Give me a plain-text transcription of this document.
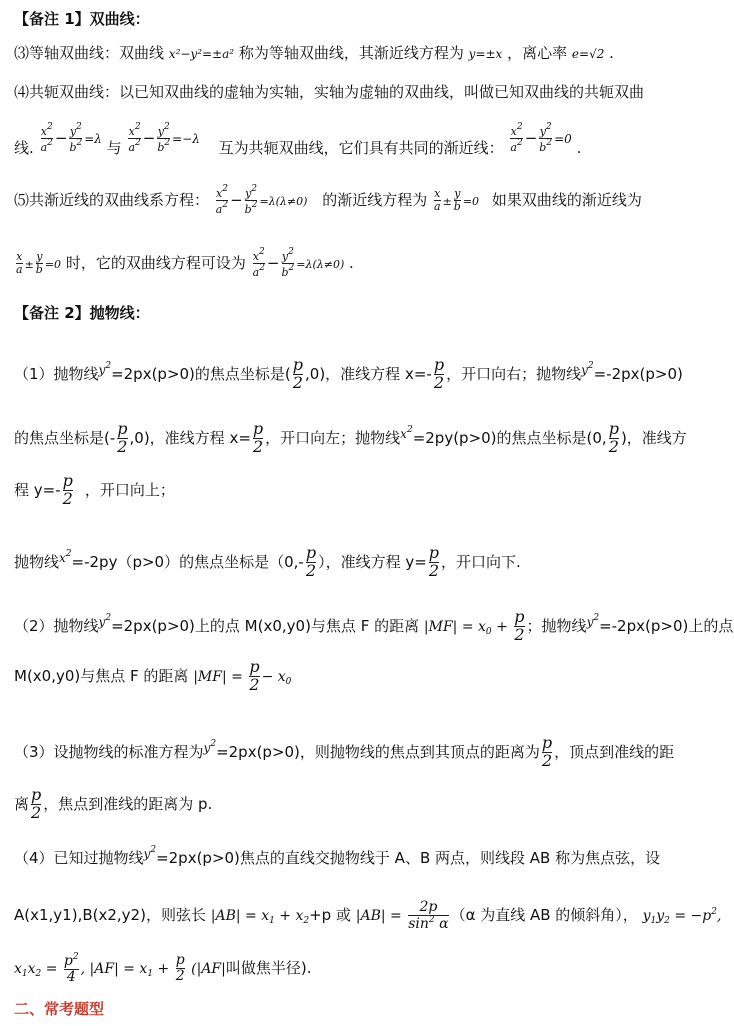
【备注 1】双曲线：
⑶等轴双曲线：双曲线 x²−y²=±a² 称为等轴双曲线，其渐近线方程为 y=±x ，离心率 e=√2 .
⑷共轭双曲线：以已知双曲线的虚轴为实轴，实轴为虚轴的双曲线，叫做已知双曲线的共轭双曲
线. $\frac{x^2}{a^2} - \frac{y^2}{b^2} =\lambda$ 与 $\frac{x^2}{a^2} - \frac{y^2}{b^2} =-\lambda$ 互为共轭双曲线，它们具有共同的渐近线： $\frac{x^2}{a^2} - \frac{y^2}{b^2} =0$ .
⑸共渐近线的双曲线系方程： $\frac{x^2}{a^2} - \frac{y^2}{b^2} =\lambda(\lambda\ne 0)$ 的渐近线方程为 $\frac{x}{a} \pm \frac{y}{b} =0$ 如果双曲线的渐近线为
$\frac{x}{a} \pm \frac{y}{b} =0$ 时，它的双曲线方程可设为 $\frac{x^2}{a^2} - \frac{y^2}{b^2} =\lambda(\lambda\ne 0)$ .
【备注 2】抛物线：
（1）抛物线$^{y^2}$=2px(p>0)的焦点坐标是( $\frac{p}{2} ,0$)，准线方程 $x=- \frac{p}{2}$ ，开口向右；抛物线$^{y^2}$=-2px(p>0)
的焦点坐标是(- $\frac{p}{2} ,0$)，准线方程 $x= \frac{p}{2}$ ，开口向左；抛物线$^{x^2}$=2py(p>0)的焦点坐标是(0, $\frac{p}{2}$ )，准线方
程 $y=- \frac{p}{2}$ ，开口向上；
抛物线$^{x^2}$=-2py（p>0）的焦点坐标是（$0,- \frac{p}{2}$ ），准线方程 $y= \frac{p}{2}$ ，开口向下.
（2）抛物线$^{y^2}$=2px(p>0)上的点 M(x0,y0)与焦点 F 的距离 $|MF| = x_0 + \frac{p}{2}$ ；抛物线$^{y^2}$=-2px(p>0)上的点
M(x0,y0)与焦点 F 的距离 $|MF| = \frac{p}{2} - x_0$
（3）设抛物线的标准方程为$^{y^2}$=2px(p>0)，则抛物线的焦点到其顶点的距离为 $\frac{p}{2}$ ，顶点到准线的距
离 $\frac{p}{2}$ ，焦点到准线的距离为 p.
（4）已知过抛物线$^{y^2}$=2px(p>0)焦点的直线交抛物线于 A、B 两点，则线段 AB 称为焦点弦，设
A(x1,y1),B(x2,y2)，则弦长 $|AB| = x_1 + x_2+p$ 或 $|AB| = \frac{2p}{\sin^2 \alpha} (\alpha$ 为直线 AB 的倾斜角）， $y_1y_2 = -p^2$,
$x_1x_2 = \frac{p^2}{4}$ , $|AF| = x_1 + \frac{p}{2} (|AF|$叫做焦半径).
二、常考题型
